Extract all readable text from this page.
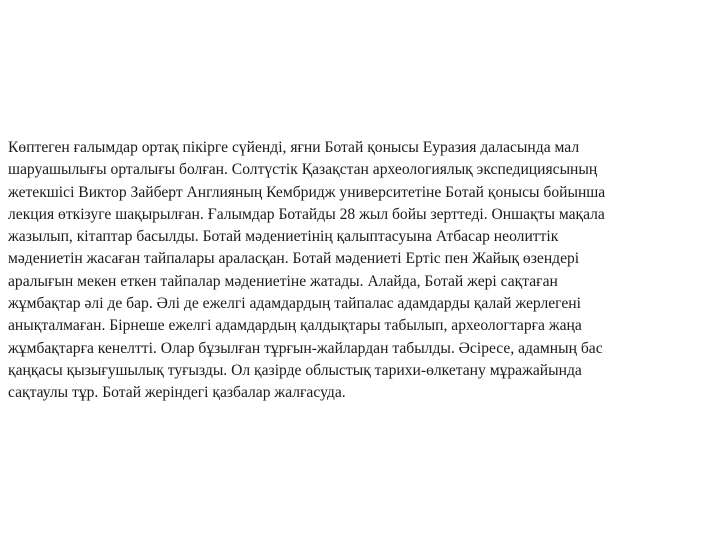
Көптеген ғалымдар ортақ пікірге сүйенді, яғни Ботай қонысы Еуразия даласында мал
шаруашылығы орталығы болған. Солтүстік Қазақстан археологиялық экспедициясының
жетекшісі Виктор Зайберт Англияның Кембридж университетіне Ботай қонысы бойынша
лекция өткізуге шақырылған. Ғалымдар Ботайды 28 жыл бойы зерттеді. Оншақты мақала
жазылып, кітаптар басылды. Ботай мәдениетінің қалыптасуына Атбасар неолиттік
мәдениетін жасаған тайпалары араласқан. Ботай мәдениеті Ертіс пен Жайық өзендері
аралығын мекен еткен тайпалар мәдениетіне жатады. Алайда, Ботай жері сақтаған
жұмбақтар әлі де бар. Әлі де ежелгі адамдардың тайпалас адамдарды қалай жерлегені
анықталмаған. Бірнеше ежелгі адамдардың қалдықтары табылып, археологтарға жаңа
жұмбақтарға кенелтті. Олар бұзылған тұрғын-жайлардан табылды. Әсіресе, адамның бас
қаңқасы қызығушылық туғызды. Ол қазірде облыстық тарихи-өлкетану мұражайында
сақтаулы тұр. Ботай жеріндегі қазбалар жалғасуда.
